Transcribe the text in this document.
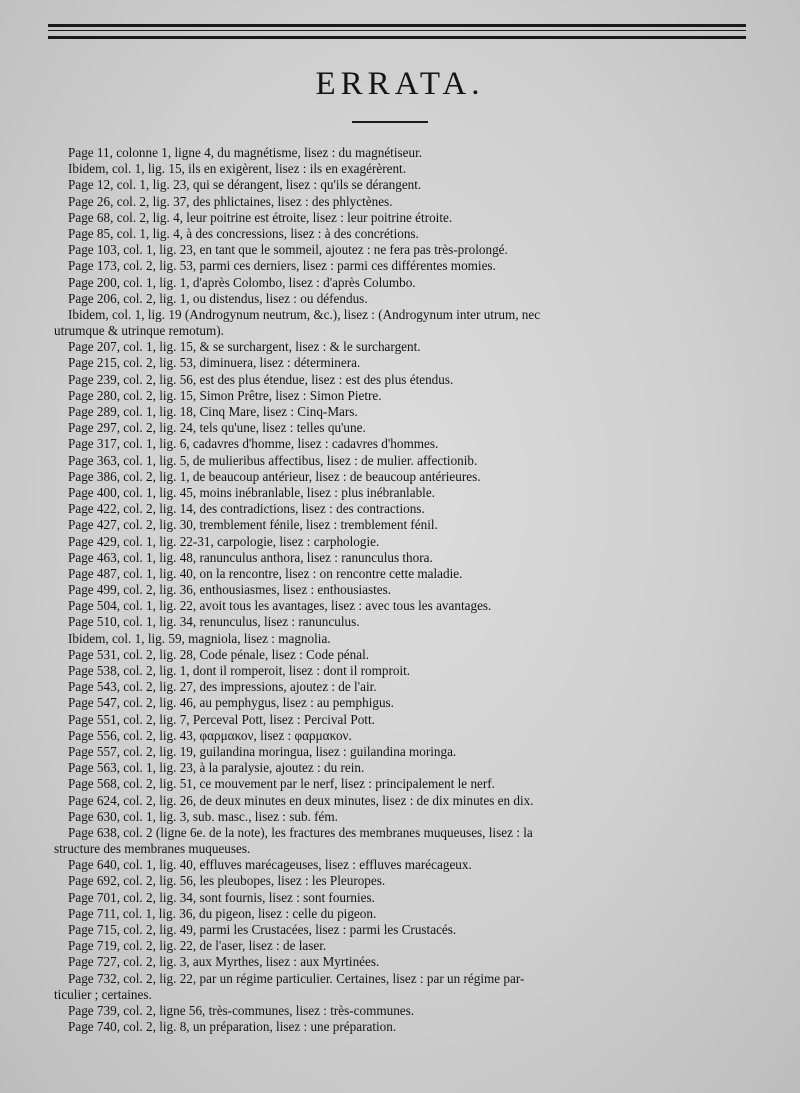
ERRATA.
Page 11, colonne 1, ligne 4, du magnétisme, lisez : du magnétiseur.
Ibidem, col. 1, lig. 15, ils en exigèrent, lisez : ils en exagérèrent.
Page 12, col. 1, lig. 23, qui se dérangent, lisez : qu'ils se dérangent.
Page 26, col. 2, lig. 37, des phlictaines, lisez : des phlyctènes.
Page 68, col. 2, lig. 4, leur poitrine est étroite, lisez : leur poitrine étroite.
Page 85, col. 1, lig. 4, à des concressions, lisez : à des concrétions.
Page 103, col. 1, lig. 23, en tant que le sommeil, ajoutez : ne fera pas très-prolongé.
Page 173, col. 2, lig. 53, parmi ces derniers, lisez : parmi ces différentes momies.
Page 200, col. 1, lig. 1, d'après Colombo, lisez : d'après Columbo.
Page 206, col. 2, lig. 1, ou distendus, lisez : ou défendus.
Ibidem, col. 1, lig. 19 (Androgynum neutrum, &c.), lisez : (Androgynum inter utrum, nec
utrumque & utrinque remotum).
Page 207, col. 1, lig. 15, & se surchargent, lisez : & le surchargent.
Page 215, col. 2, lig. 53, diminuera, lisez : déterminera.
Page 239, col. 2, lig. 56, est des plus étendue, lisez : est des plus étendus.
Page 280, col. 2, lig. 15, Simon Prêtre, lisez : Simon Pietre.
Page 289, col. 1, lig. 18, Cinq Mare, lisez : Cinq-Mars.
Page 297, col. 2, lig. 24, tels qu'une, lisez : telles qu'une.
Page 317, col. 1, lig. 6, cadavres d'homme, lisez : cadavres d'hommes.
Page 363, col. 1, lig. 5, de mulieribus affectibus, lisez : de mulier. affectionib.
Page 386, col. 2, lig. 1, de beaucoup antérieur, lisez : de beaucoup antérieures.
Page 400, col. 1, lig. 45, moins inébranlable, lisez : plus inébranlable.
Page 422, col. 2, lig. 14, des contradictions, lisez : des contractions.
Page 427, col. 2, lig. 30, tremblement fénile, lisez : tremblement fénil.
Page 429, col. 1, lig. 22-31, carpologie, lisez : carphologie.
Page 463, col. 1, lig. 48, ranunculus anthora, lisez : ranunculus thora.
Page 487, col. 1, lig. 40, on la rencontre, lisez : on rencontre cette maladie.
Page 499, col. 2, lig. 36, enthousiasmes, lisez : enthousiastes.
Page 504, col. 1, lig. 22, avoit tous les avantages, lisez : avec tous les avantages.
Page 510, col. 1, lig. 34, renunculus, lisez : ranunculus.
Ibidem, col. 1, lig. 59, magniola, lisez : magnolia.
Page 531, col. 2, lig. 28, Code pénale, lisez : Code pénal.
Page 538, col. 2, lig. 1, dont il romperoit, lisez : dont il romproit.
Page 543, col. 2, lig. 27, des impressions, ajoutez : de l'air.
Page 547, col. 2, lig. 46, au pemphygus, lisez : au pemphigus.
Page 551, col. 2, lig. 7, Perceval Pott, lisez : Percival Pott.
Page 556, col. 2, lig. 43, φαρμακον, lisez : φαρμακον.
Page 557, col. 2, lig. 19, guilandina moringua, lisez : guilandina moringa.
Page 563, col. 1, lig. 23, à la paralysie, ajoutez : du rein.
Page 568, col. 2, lig. 51, ce mouvement par le nerf, lisez : principalement le nerf.
Page 624, col. 2, lig. 26, de deux minutes en deux minutes, lisez : de dix minutes en dix.
Page 630, col. 1, lig. 3, sub. masc., lisez : sub. fém.
Page 638, col. 2 (ligne 6e. de la note), les fractures des membranes muqueuses, lisez : la
structure des membranes muqueuses.
Page 640, col. 1, lig. 40, effluves marécageuses, lisez : effluves marécageux.
Page 692, col. 2, lig. 56, les pleubopes, lisez : les Pleuropes.
Page 701, col. 2, lig. 34, sont fournis, lisez : sont fournies.
Page 711, col. 1, lig. 36, du pigeon, lisez : celle du pigeon.
Page 715, col. 2, lig. 49, parmi les Crustacées, lisez : parmi les Crustacés.
Page 719, col. 2, lig. 22, de l'aser, lisez : de laser.
Page 727, col. 2, lig. 3, aux Myrthes, lisez : aux Myrtinées.
Page 732, col. 2, lig. 22, par un régime particulier. Certaines, lisez : par un régime par-
ticulier ; certaines.
Page 739, col. 2, ligne 56, très-communes, lisez : très-communes.
Page 740, col. 2, lig. 8, un préparation, lisez : une préparation.
